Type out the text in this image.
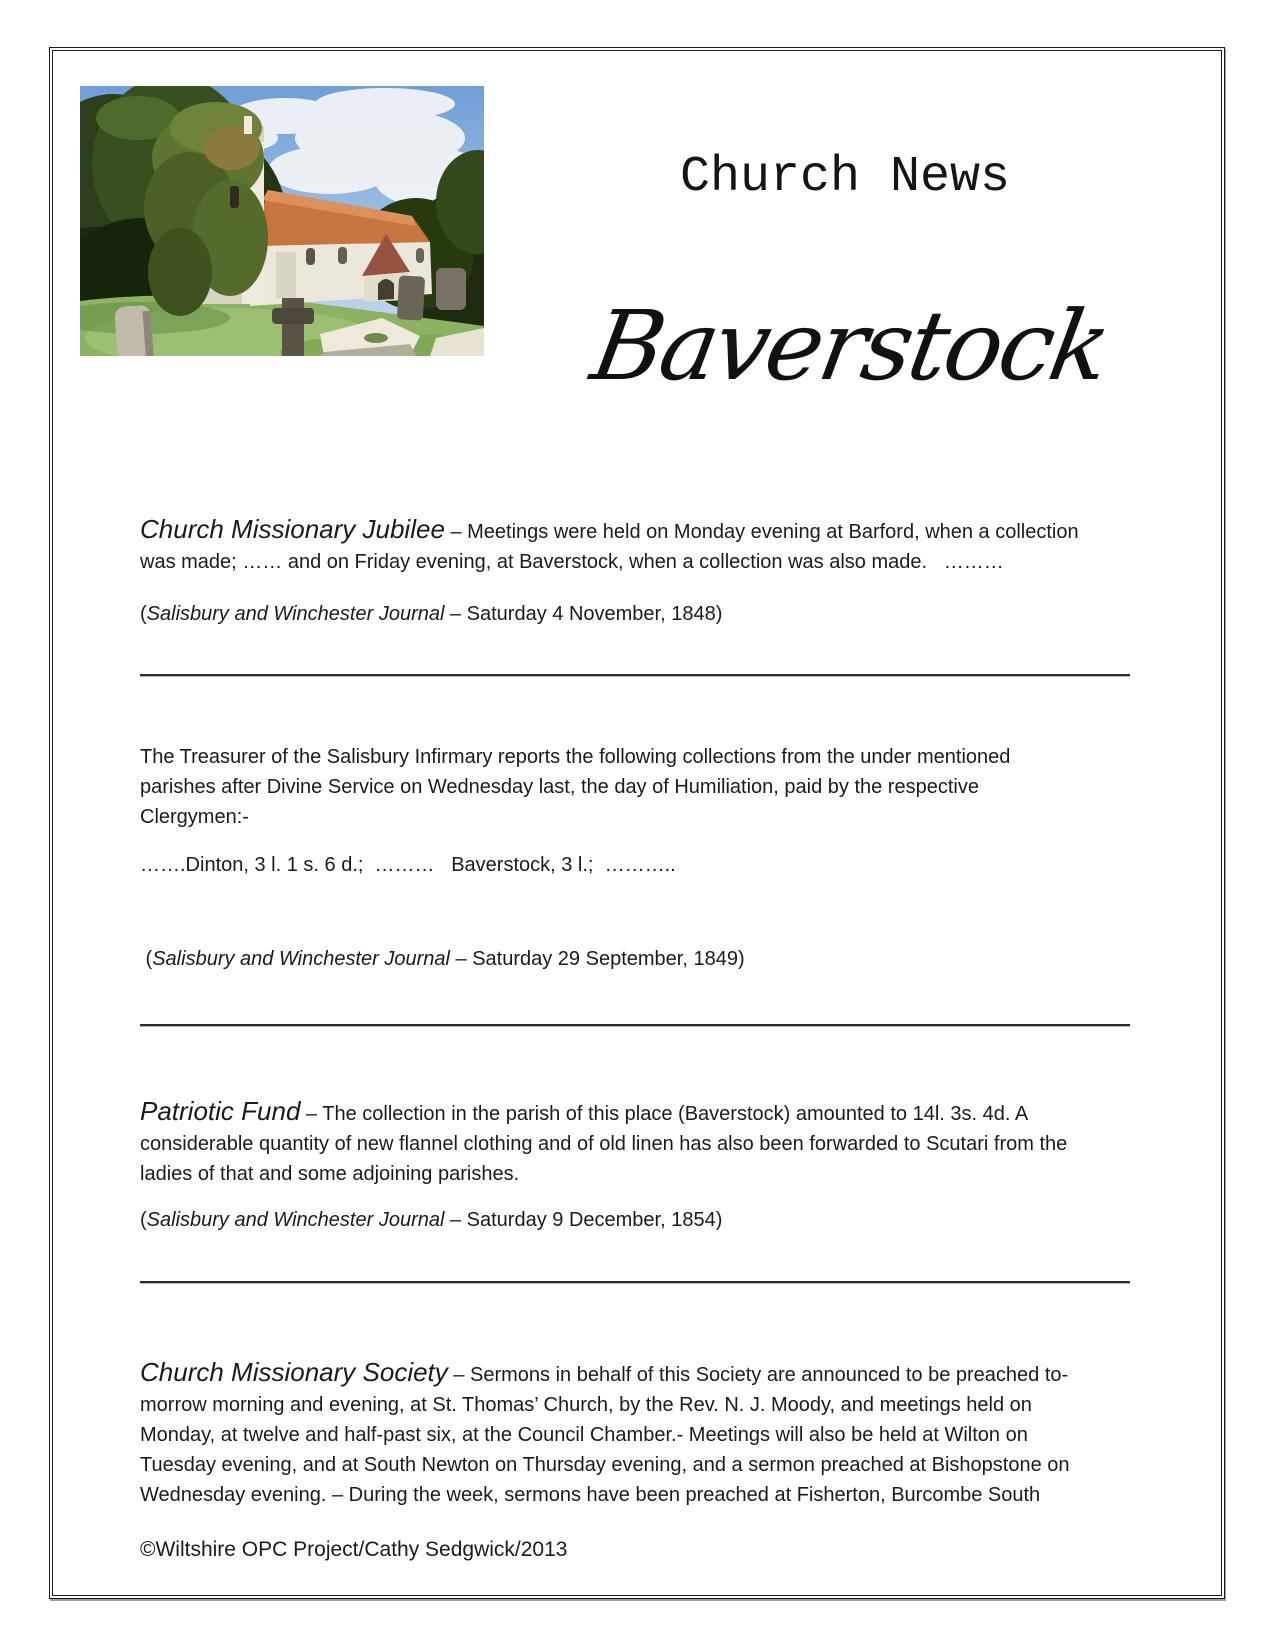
Church News
Baverstock
Church Missionary Jubilee – Meetings were held on Monday evening at Barford, when a collection
was made; …… and on Friday evening, at Baverstock, when a collection was also made.   ………
(Salisbury and Winchester Journal – Saturday 4 November, 1848)
The Treasurer of the Salisbury Infirmary reports the following collections from the under mentioned
parishes after Divine Service on Wednesday last, the day of Humiliation, paid by the respective
Clergymen:-
…….Dinton, 3 l. 1 s. 6 d.;  ………   Baverstock, 3 l.;  ………..
(Salisbury and Winchester Journal – Saturday 29 September, 1849)
Patriotic Fund – The collection in the parish of this place (Baverstock) amounted to 14l. 3s. 4d. A
considerable quantity of new flannel clothing and of old linen has also been forwarded to Scutari from the
ladies of that and some adjoining parishes.
(Salisbury and Winchester Journal – Saturday 9 December, 1854)
Church Missionary Society – Sermons in behalf of this Society are announced to be preached to-
morrow morning and evening, at St. Thomas’ Church, by the Rev. N. J. Moody, and meetings held on
Monday, at twelve and half-past six, at the Council Chamber.- Meetings will also be held at Wilton on
Tuesday evening, and at South Newton on Thursday evening, and a sermon preached at Bishopstone on
Wednesday evening. – During the week, sermons have been preached at Fisherton, Burcombe South
©Wiltshire OPC Project/Cathy Sedgwick/2013
